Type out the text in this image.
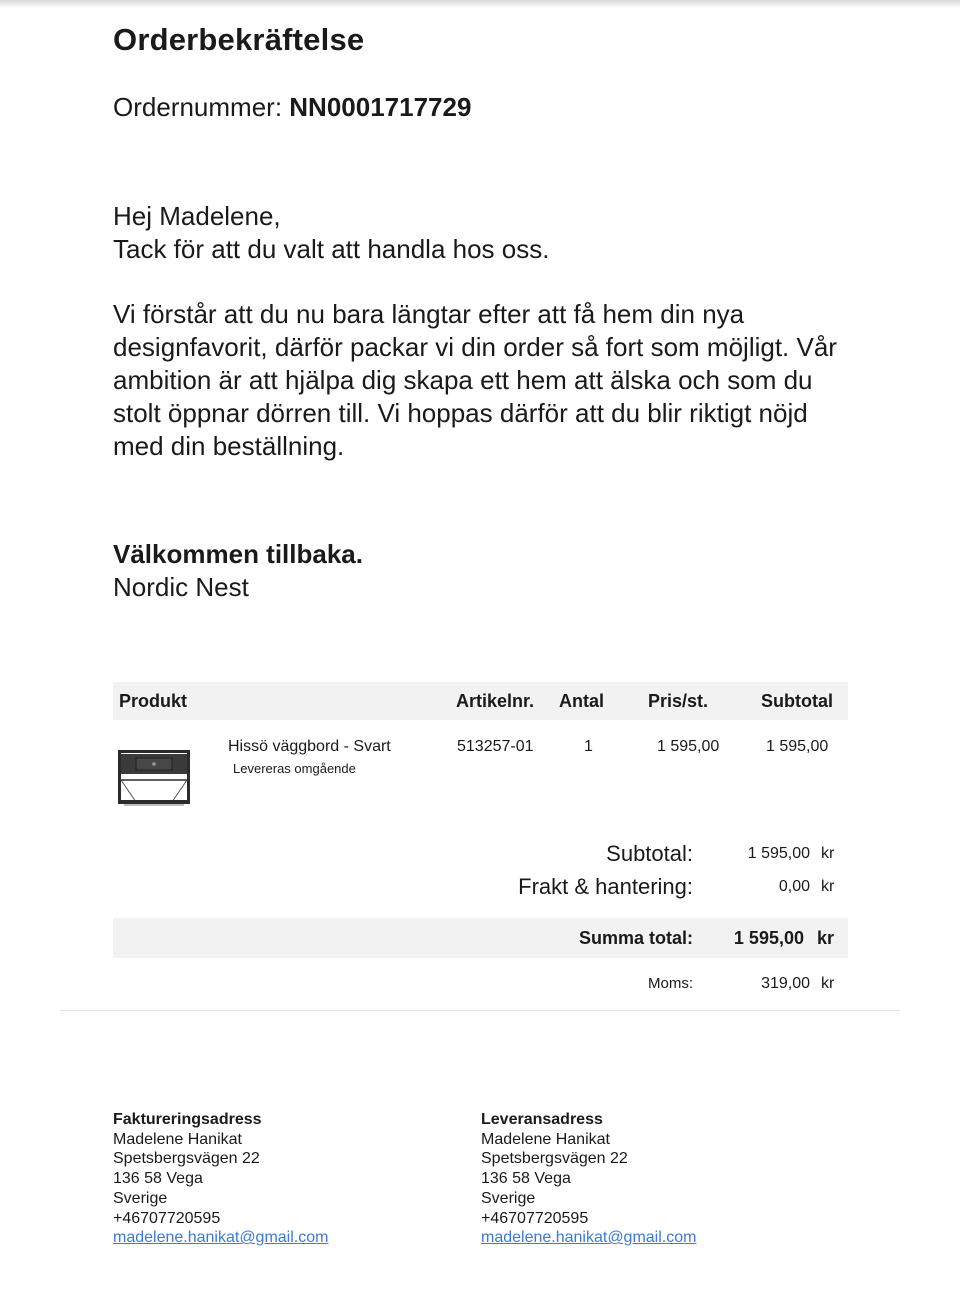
Orderbekräftelse
Ordernummer: NN0001717729

Hej Madelene,

Tack för att du valt att handla hos oss.

Vi förstår att du nu bara längtar efter att få hem din nya designfavorit, därför packar vi din order så fort som möjligt. Vår ambition är att hjälpa dig skapa ett hem att älska och som du stolt öppnar dörren till. Vi hoppas därför att du blir riktigt nöjd med din beställning.

Välkommen tillbaka.
Nordic Nest
Produkt	Artikelnr. Antal Pris/st.	Subtotal
Hissö väggbord - Svart
Levereras omgående
513257-01	1	1 595,00	1 595,00
Subtotal:	1 595,00 kr
Frakt & hantering:	0,00 kr
Summa total: 1 595,00 kr
Moms:	319,00 kr
Faktureringsadress
Madelene Hanikat
Spetsbergsvägen 22
136 58 Vega
Sverige
+46707720595
madelene.hanikat@gmail.com
Leveransadress
Madelene Hanikat
Spetsbergsvägen 22
136 58 Vega
Sverige
+46707720595
madelene.hanikat@gmail.com
